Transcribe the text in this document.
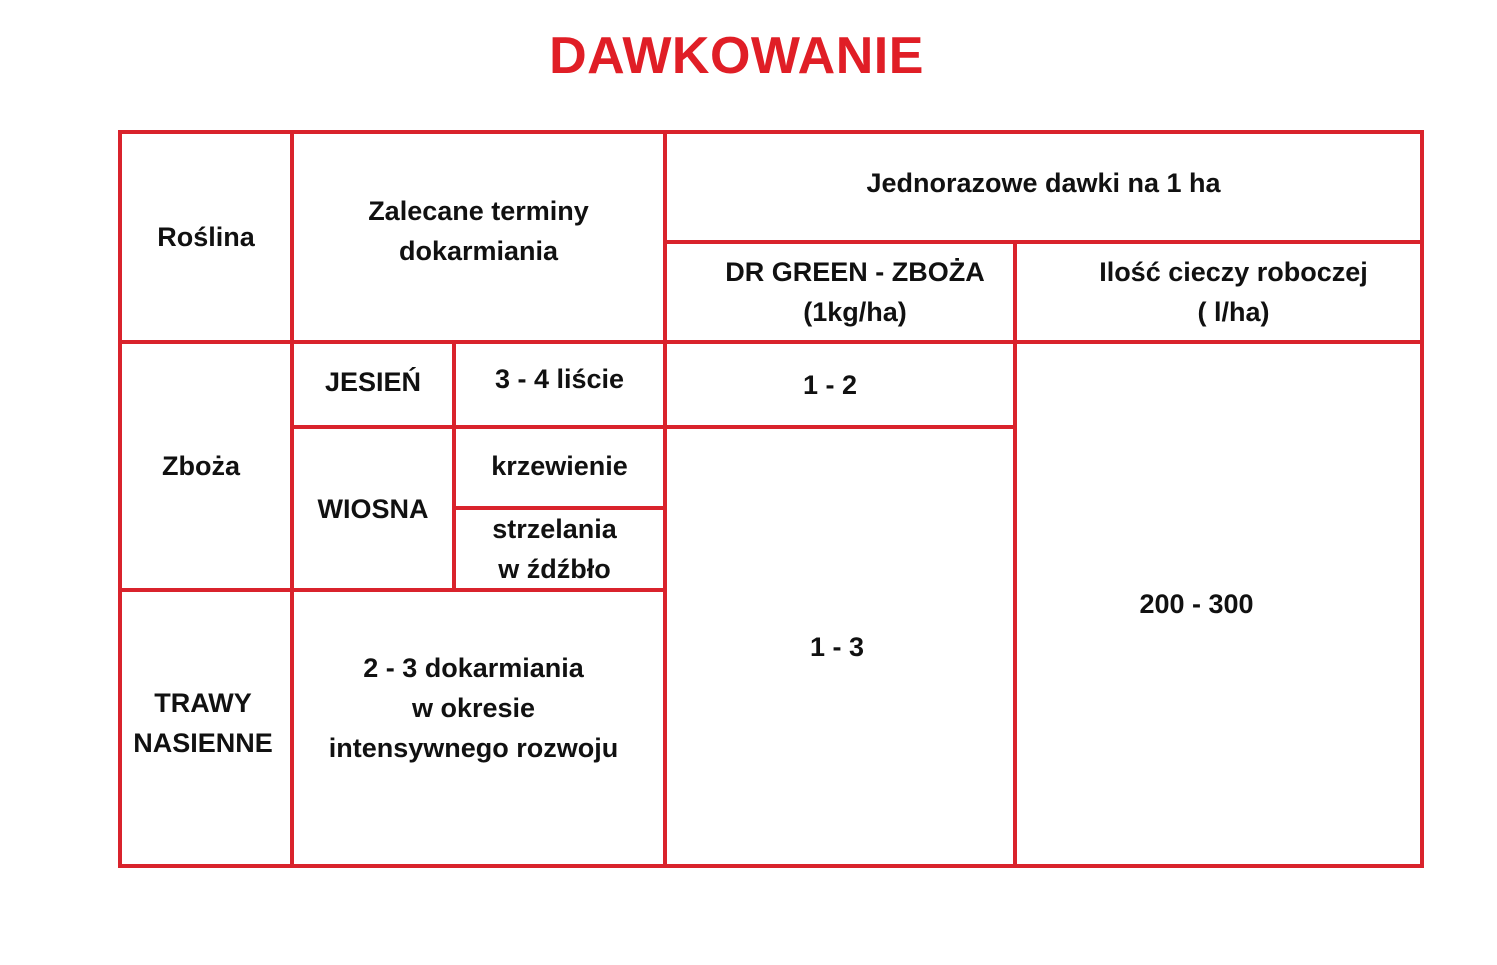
DAWKOWANIE
Roślina
Zalecane terminy
dokarmiania
Jednorazowe dawki na 1 ha
DR GREEN - ZBOŻA
(1kg/ha)
Ilość cieczy roboczej
( l/ha)
Zboża
JESIEŃ	3 - 4 liście	1 - 2
WIOSNA
krzewienie
strzelania
w źdźbło
TRAWY
NASIENNE
2 - 3 dokarmiania
w okresie
intensywnego rozwoju
1 - 3
200 - 300
